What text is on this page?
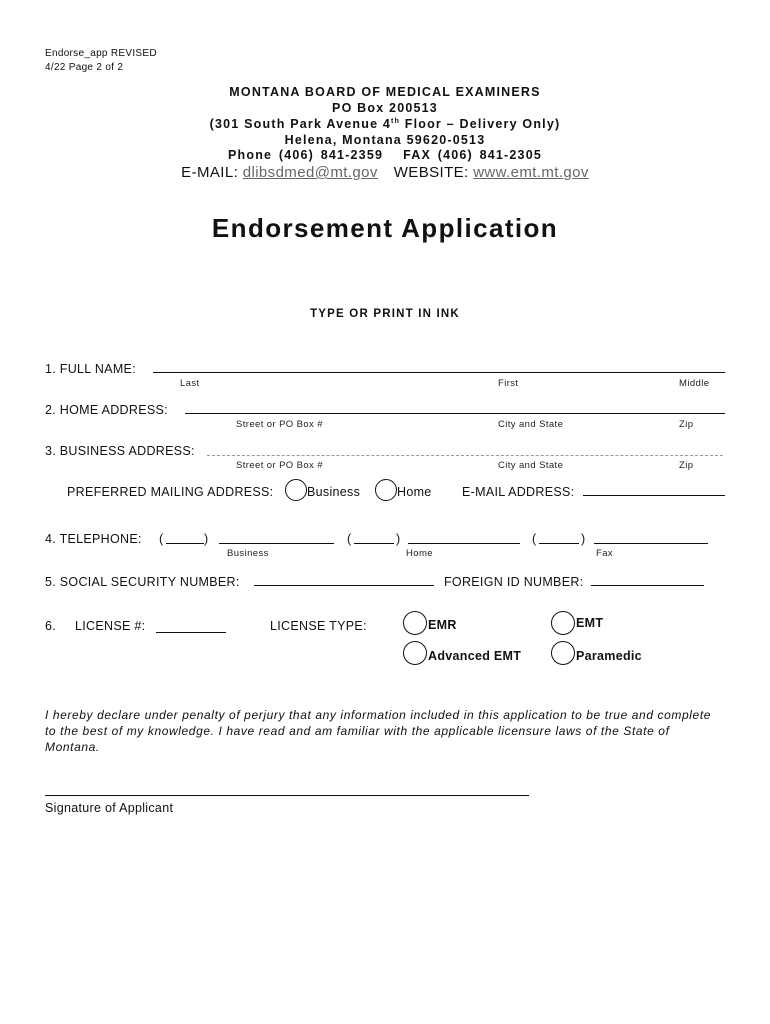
Endorse_app REVISED
4/22 Page 2 of 2
MONTANA BOARD OF MEDICAL EXAMINERS
PO Box 200513
(301 South Park Avenue 4th Floor – Delivery Only)
Helena, Montana 59620-0513
Phone (406) 841-2359 FAX (406) 841-2305
E-MAIL: dlibsdmed@mt.gov WEBSITE: www.emt.mt.gov
Endorsement Application
TYPE OR PRINT IN INK
1. FULL NAME:
Last	First	Middle
2. HOME ADDRESS:
Street or PO Box #	City and State	Zip
3. BUSINESS ADDRESS:
Street or PO Box #	City and State	Zip
PREFERRED MAILING ADDRESS:	Business	Home E-MAIL ADDRESS:
4. TELEPHONE: (	)
Business
(	)
Home
(	)
Fax
5. SOCIAL SECURITY NUMBER:	FOREIGN ID NUMBER:
6. LICENSE #:	LICENSE TYPE:	EMR	EMT
Advanced EMT	Paramedic
I hereby declare under penalty of perjury that any information included in this application to be true and complete to the best of my knowledge. I have read and am familiar with the applicable licensure laws of the State of Montana.
Signature of Applicant
